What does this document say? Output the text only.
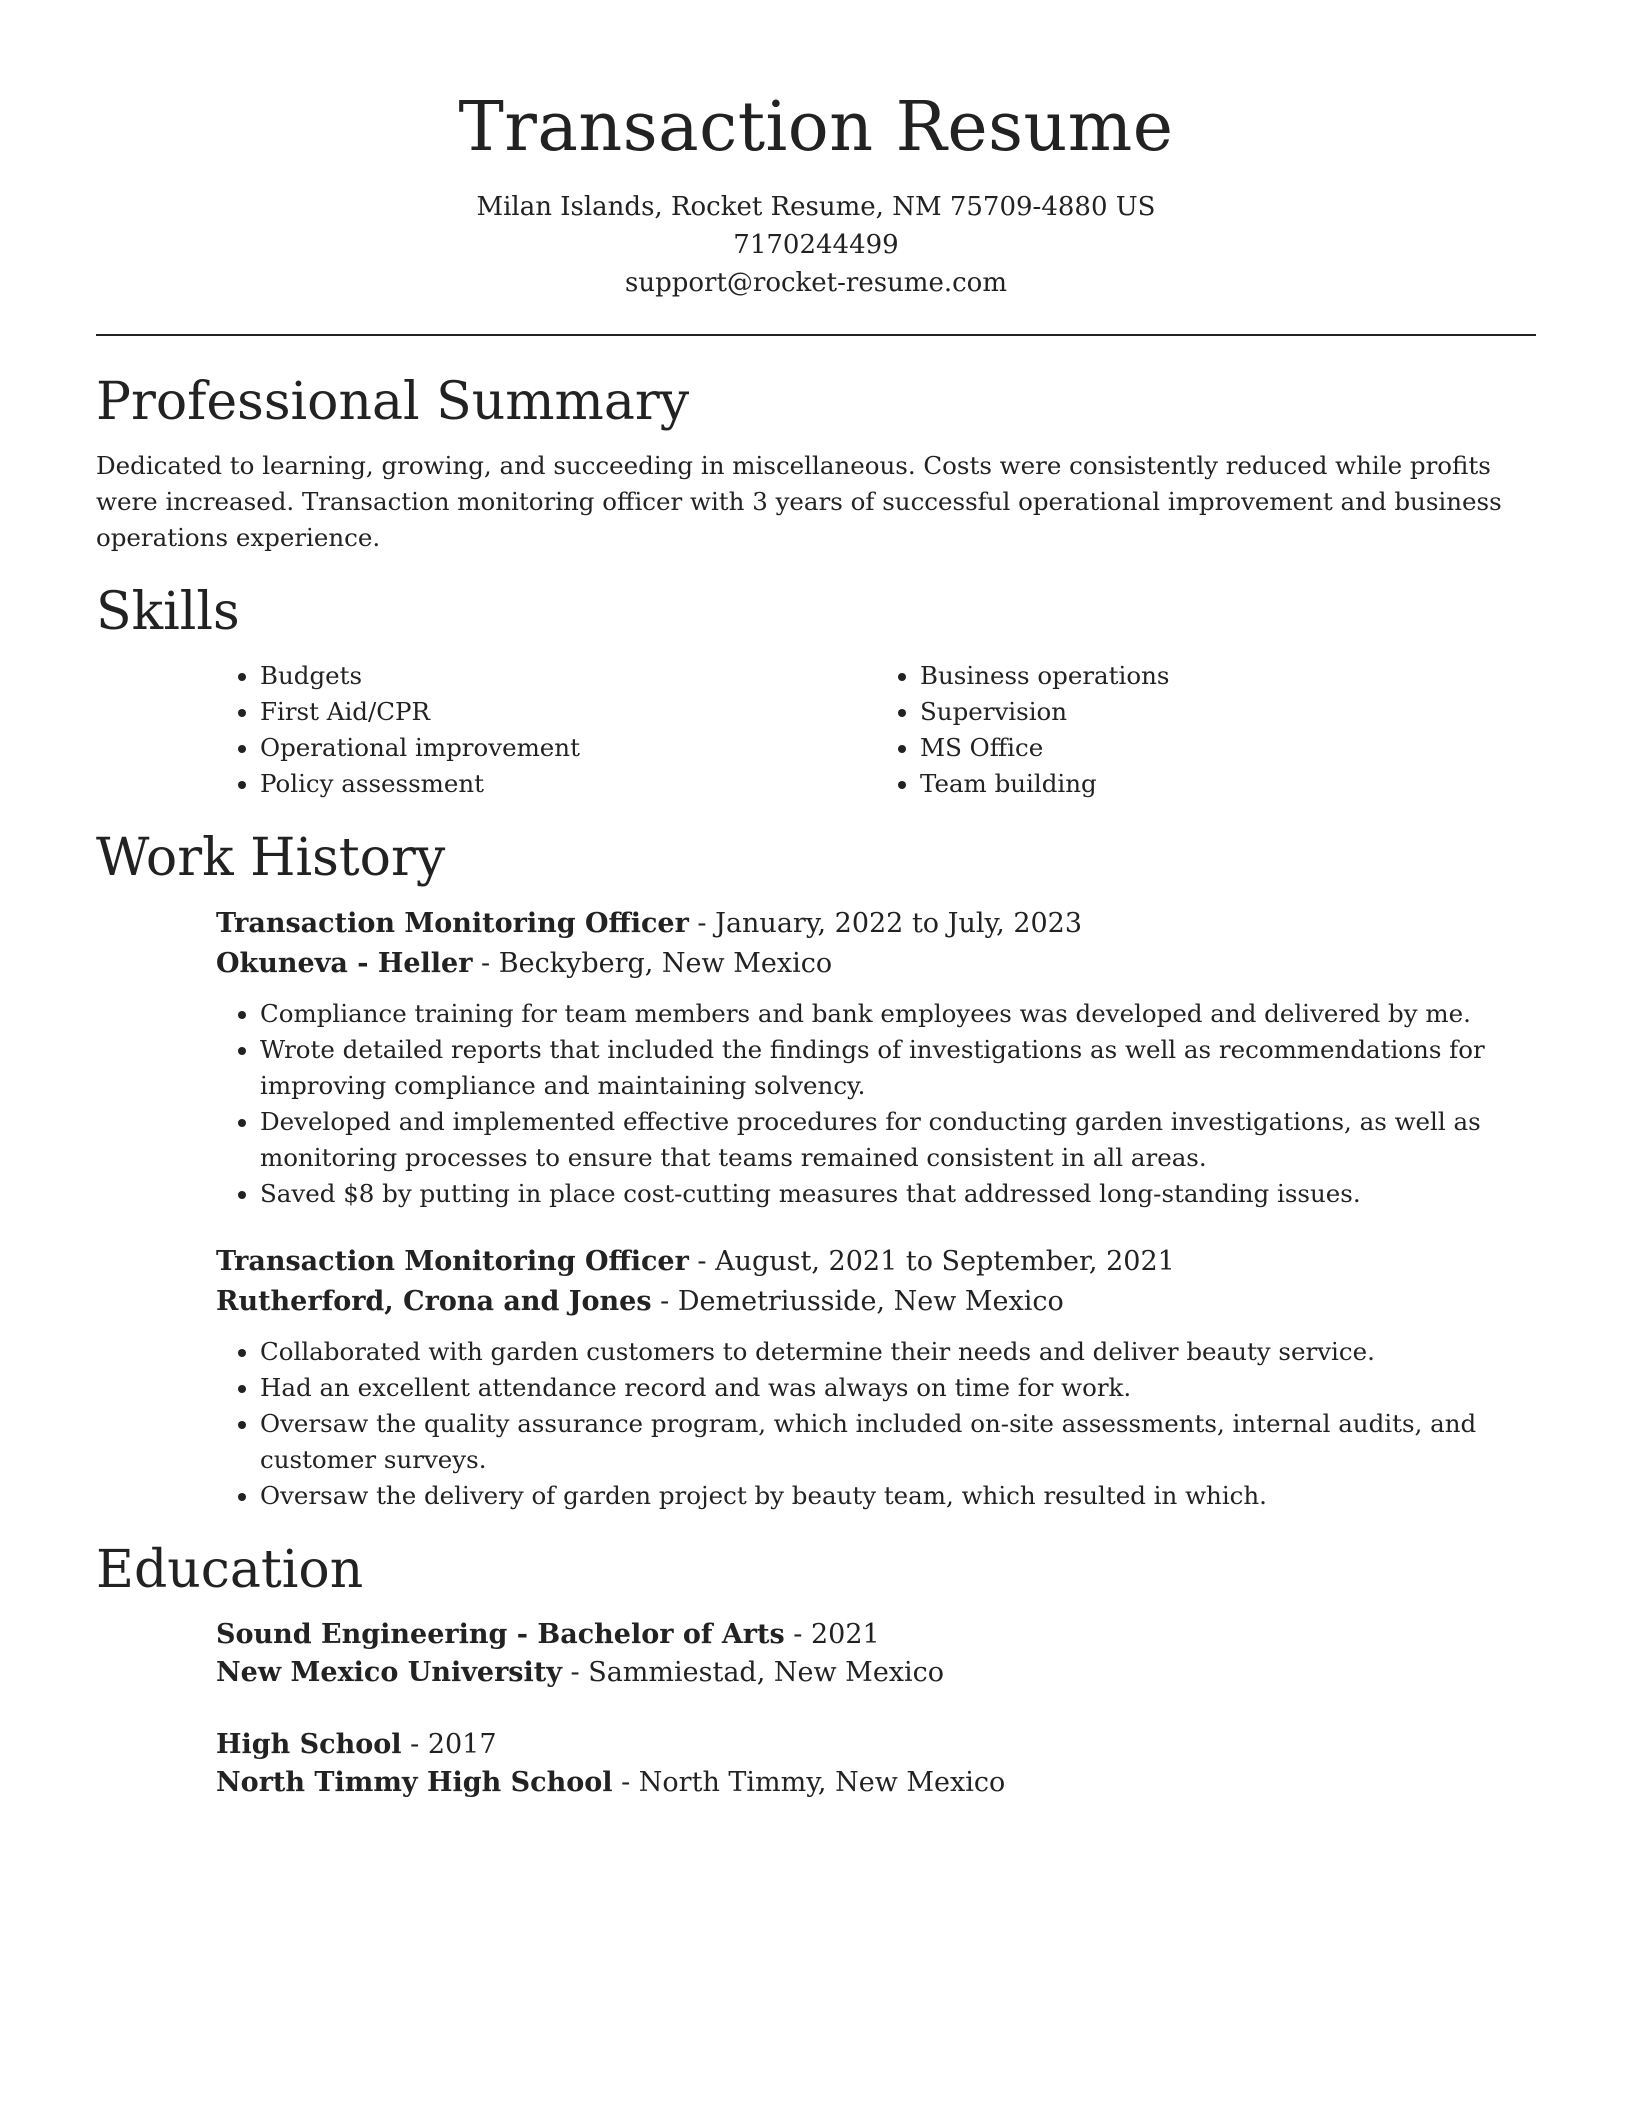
Transaction Resume
Milan Islands, Rocket Resume, NM 75709-4880 US
7170244499
support@rocket-resume.com
Professional Summary

Dedicated to learning, growing, and succeeding in miscellaneous. Costs were consistently reduced while profits were increased. Transaction monitoring officer with 3 years of successful operational improvement and business operations experience.

Skills
• Budgets
• First Aid/CPR
• Operational improvement
• Policy assessment
• Business operations
• Supervision
• MS Office
• Team building
Work History
Transaction Monitoring Officer - January, 2022 to July, 2023
Okuneva - Heller - Beckyberg, New Mexico
• Compliance training for team members and bank employees was developed and delivered by me.
• Wrote detailed reports that included the findings of investigations as well as recommendations for improving compliance and maintaining solvency.
• Developed and implemented effective procedures for conducting garden investigations, as well as monitoring processes to ensure that teams remained consistent in all areas.
• Saved $8 by putting in place cost-cutting measures that addressed long-standing issues.
Transaction Monitoring Officer - August, 2021 to September, 2021
Rutherford, Crona and Jones - Demetriusside, New Mexico
• Collaborated with garden customers to determine their needs and deliver beauty service.
• Had an excellent attendance record and was always on time for work.
• Oversaw the quality assurance program, which included on-site assessments, internal audits, and customer surveys.
• Oversaw the delivery of garden project by beauty team, which resulted in which.
Education
Sound Engineering - Bachelor of Arts - 2021
New Mexico University - Sammiestad, New Mexico
High School - 2017
North Timmy High School - North Timmy, New Mexico
